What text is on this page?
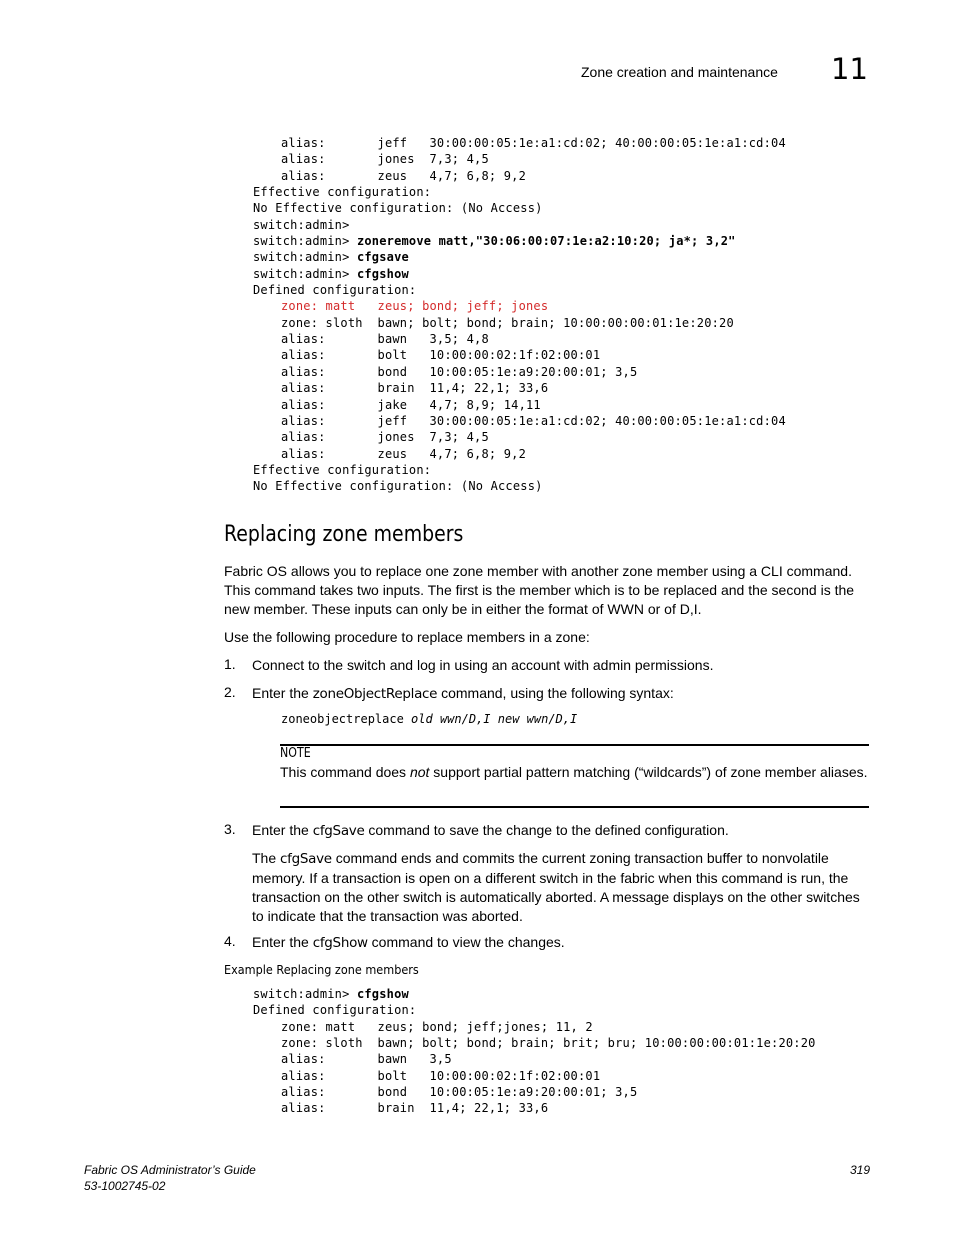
Zone creation and maintenance 11
alias:       jeff   30:00:00:05:1e:a1:cd:02; 40:00:00:05:1e:a1:cd:04
alias:       jones  7,3; 4,5
alias:       zeus   4,7; 6,8; 9,2
Effective configuration:
No Effective configuration: (No Access)
switch:admin>
switch:admin> zoneremove matt,"30:06:00:07:1e:a2:10:20; ja*; 3,2"
switch:admin> cfgsave
switch:admin> cfgshow
Defined configuration:
zone: matt   zeus; bond; jeff; jones
zone: sloth  bawn; bolt; bond; brain; 10:00:00:00:01:1e:20:20
alias:       bawn   3,5; 4,8
alias:       bolt   10:00:00:02:1f:02:00:01
alias:       bond   10:00:05:1e:a9:20:00:01; 3,5
alias:       brain  11,4; 22,1; 33,6
alias:       jake   4,7; 8,9; 14,11
alias:       jeff   30:00:00:05:1e:a1:cd:02; 40:00:00:05:1e:a1:cd:04
alias:       jones  7,3; 4,5
alias:       zeus   4,7; 6,8; 9,2
Effective configuration:
No Effective configuration: (No Access)
Replacing zone members
Fabric OS allows you to replace one zone member with another zone member using a CLI command. This command takes two inputs. The first is the member which is to be replaced and the second is the new member. These inputs can only be in either the format of WWN or of D,I.
Use the following procedure to replace members in a zone:
1. Connect to the switch and log in using an account with admin permissions.
2. Enter the zoneObjectReplace command, using the following syntax:
zoneobjectreplace old wwn/D,I new wwn/D,I
NOTE
This command does not support partial pattern matching (“wildcards”) of zone member aliases.
3. Enter the cfgSave command to save the change to the defined configuration.
The cfgSave command ends and commits the current zoning transaction buffer to nonvolatile memory. If a transaction is open on a different switch in the fabric when this command is run, the transaction on the other switch is automatically aborted. A message displays on the other switches to indicate that the transaction was aborted.
4. Enter the cfgShow command to view the changes.
Example Replacing zone members
switch:admin> cfgshow
Defined configuration:
zone: matt   zeus; bond; jeff;jones; 11, 2
zone: sloth  bawn; bolt; bond; brain; brit; bru; 10:00:00:00:01:1e:20:20
alias:       bawn   3,5
alias:       bolt   10:00:00:02:1f:02:00:01
alias:       bond   10:00:05:1e:a9:20:00:01; 3,5
alias:       brain  11,4; 22,1; 33,6
Fabric OS Administrator’s Guide
53-1002745-02
319
